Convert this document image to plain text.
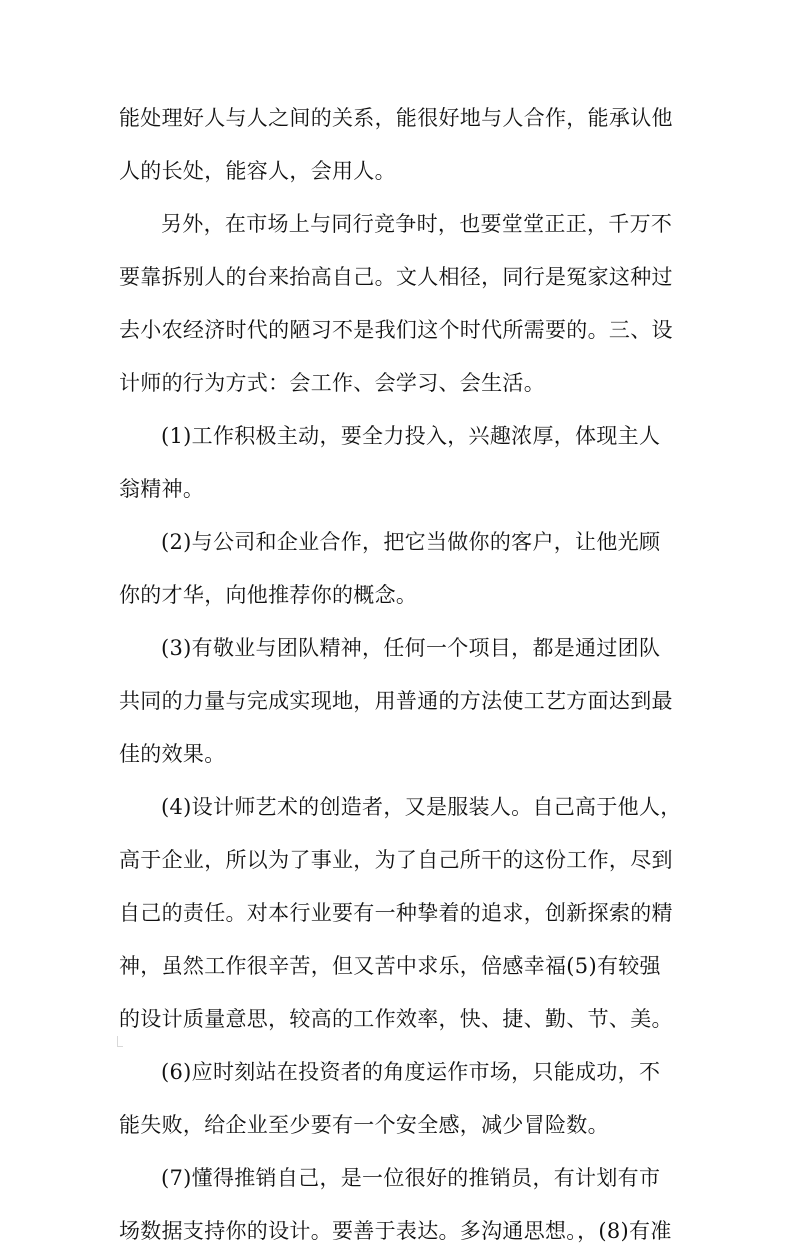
能处理好人与人之间的关系，能很好地与人合作，能承认他
人的长处，能容人，会用人。
另外，在市场上与同行竞争时，也要堂堂正正，千万不
要靠拆别人的台来抬高自己。文人相径，同行是冤家这种过
去小农经济时代的陋习不是我们这个时代所需要的。三、设
计师的行为方式：会工作、会学习、会生活。
(1)工作积极主动，要全力投入，兴趣浓厚，体现主人
翁精神。
(2)与公司和企业合作，把它当做你的客户，让他光顾
你的才华，向他推荐你的概念。
(3)有敬业与团队精神，任何一个项目，都是通过团队
共同的力量与完成实现地，用普通的方法使工艺方面达到最
佳的效果。
(4)设计师艺术的创造者，又是服装人。自己高于他人，
高于企业，所以为了事业，为了自己所干的这份工作，尽到
自己的责任。对本行业要有一种挚着的追求，创新探索的精
神，虽然工作很辛苦，但又苦中求乐，倍感幸福(5)有较强
的设计质量意思，较高的工作效率，快、捷、勤、节、美。
(6)应时刻站在投资者的角度运作市场，只能成功，不
能失败，给企业至少要有一个安全感，减少冒险数。
(7)懂得推销自己，是一位很好的推销员，有计划有市
场数据支持你的设计。要善于表达。多沟通思想。，(8)有准
